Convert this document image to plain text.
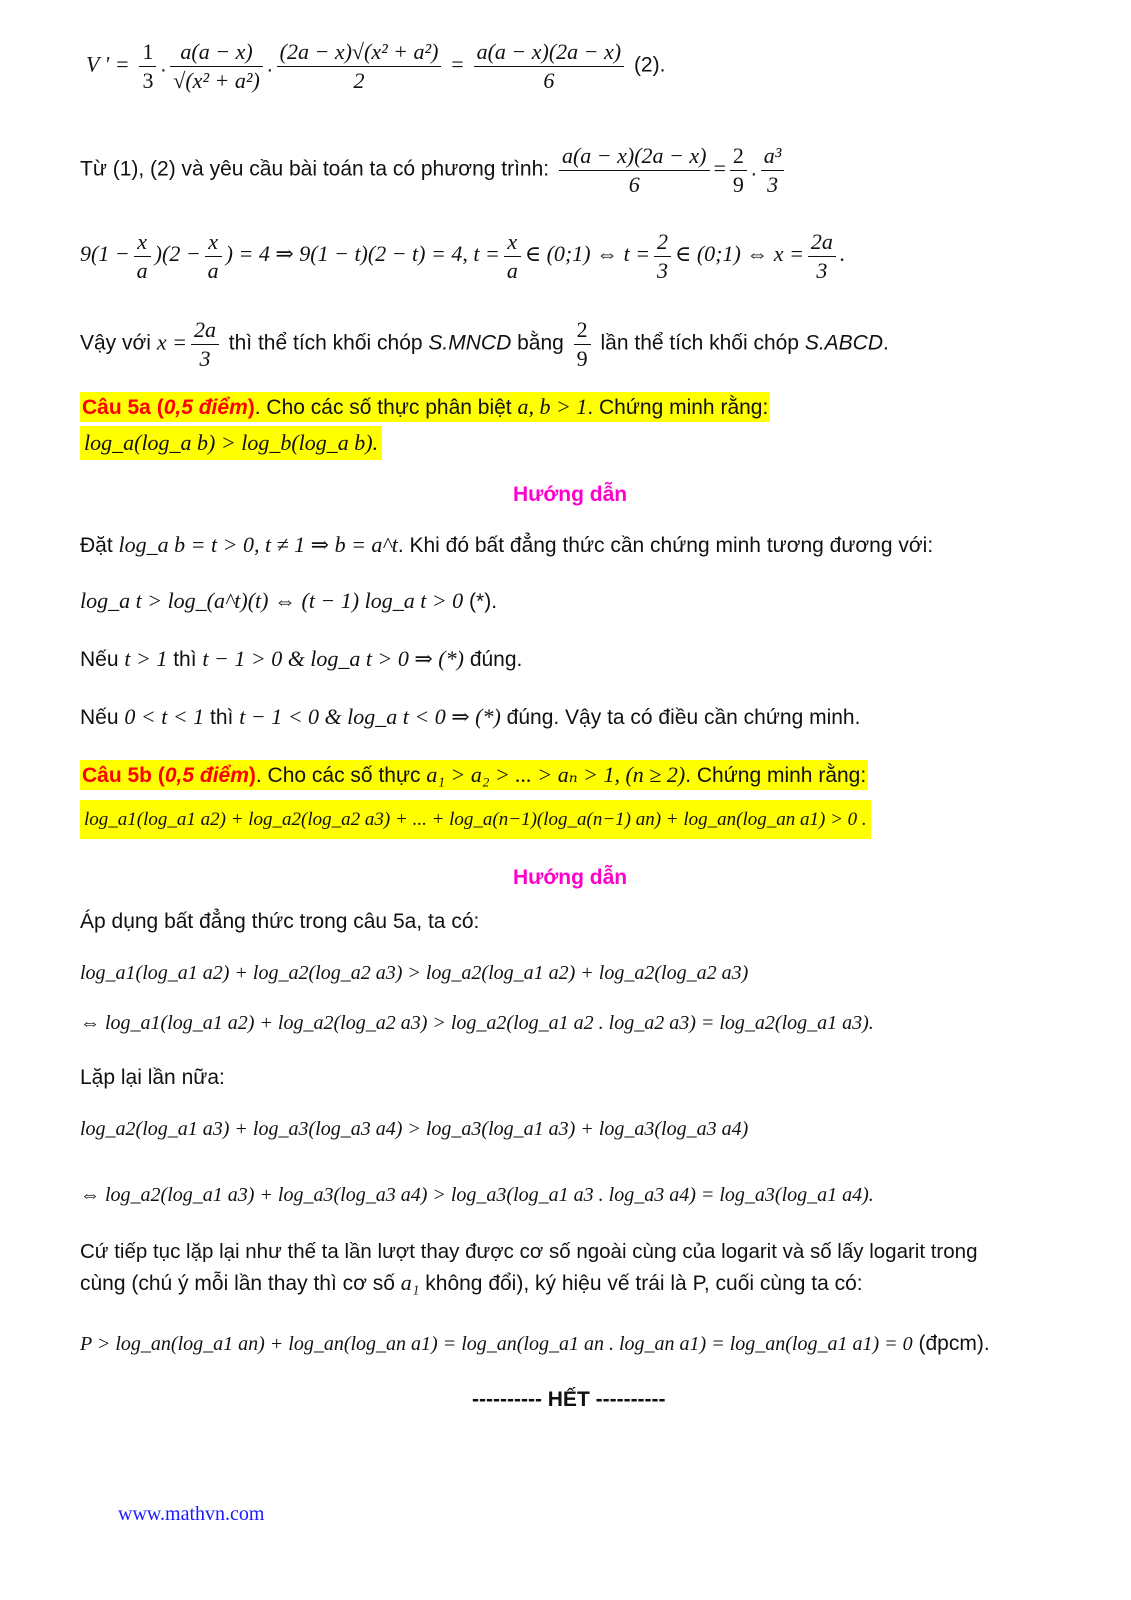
V ' = $\frac{1}{3}$ . $\frac{a(a - x)}{\text{√(x² + a²)}}$ . $\frac{\text{(2a − x)√(x² + a²)}}{2} = \frac{a(a - x)(2a - x)}{6} (2)$.
Từ (1), (2) và yêu cầu bài toán ta có phương trình: $\frac{a(a - x)(2a - x)}{6} = \frac{2}{9}$ . $\frac{\text{a³}}{3}$
$9(1 - \frac{x}{a} )(2 - \frac{x}{a}$ ) = 4 ⇒ 9(1 − t)(2 − t) = 4, $t = \frac{x}{a}$ ∈ (0;1) ⇔ $t = \frac{2}{3}$ ∈ (0;1) ⇔ $x = \frac{2a}{3}$ .
Vậy với $x = \frac{2a}{3}$ thì thể tích khối chóp S.MNCD bằng $\frac{2}{9}$ lần thể tích khối chóp S.ABCD.
Câu 5a (0,5 điểm). Cho các số thực phân biệt a, b > 1. Chứng minh rằng:
log_a(log_a b) > log_b(log_a b).
Hướng dẫn
Đặt log_a b = t > 0, t ≠ 1 ⇒ b = a^t. Khi đó bất đẳng thức cần chứng minh tương đương với:
log_a t > log_(a^t)(t) ⇔ (t − 1) log_a t > 0 (*).
Nếu t > 1 thì t − 1 > 0 & log_a t > 0 ⇒ (*) đúng.
Nếu 0 < t < 1 thì t − 1 < 0 & log_a t < 0 ⇒ (*) đúng. Vậy ta có điều cần chứng minh.
Câu 5b (0,5 điểm). Cho các số thực a₁ > a₂ > ... > aₙ > 1, (n ≥ 2). Chứng minh rằng:
log_a1(log_a1 a2) + log_a2(log_a2 a3) + ... + log_a(n−1)(log_a(n−1) an) + log_an(log_an a1) > 0 .
Hướng dẫn
Áp dụng bất đẳng thức trong câu 5a, ta có:
log_a1(log_a1 a2) + log_a2(log_a2 a3) > log_a2(log_a1 a2) + log_a2(log_a2 a3)
⇔ log_a1(log_a1 a2) + log_a2(log_a2 a3) > log_a2(log_a1 a2 . log_a2 a3) = log_a2(log_a1 a3).
Lặp lại lần nữa:
log_a2(log_a1 a3) + log_a3(log_a3 a4) > log_a3(log_a1 a3) + log_a3(log_a3 a4)
⇔ log_a2(log_a1 a3) + log_a3(log_a3 a4) > log_a3(log_a1 a3 . log_a3 a4) = log_a3(log_a1 a4).
Cứ tiếp tục lặp lại như thế ta lần lượt thay được cơ số ngoài cùng của logarit và số lấy logarit trong
cùng (chú ý mỗi lần thay thì cơ số a₁ không đổi), ký hiệu vế trái là P, cuối cùng ta có:
P > log_an(log_a1 an) + log_an(log_an a1) = log_an(log_a1 an . log_an a1) = log_an(log_a1 a1) = 0 (đpcm).
---------- HẾT ----------
www.mathvn.com
